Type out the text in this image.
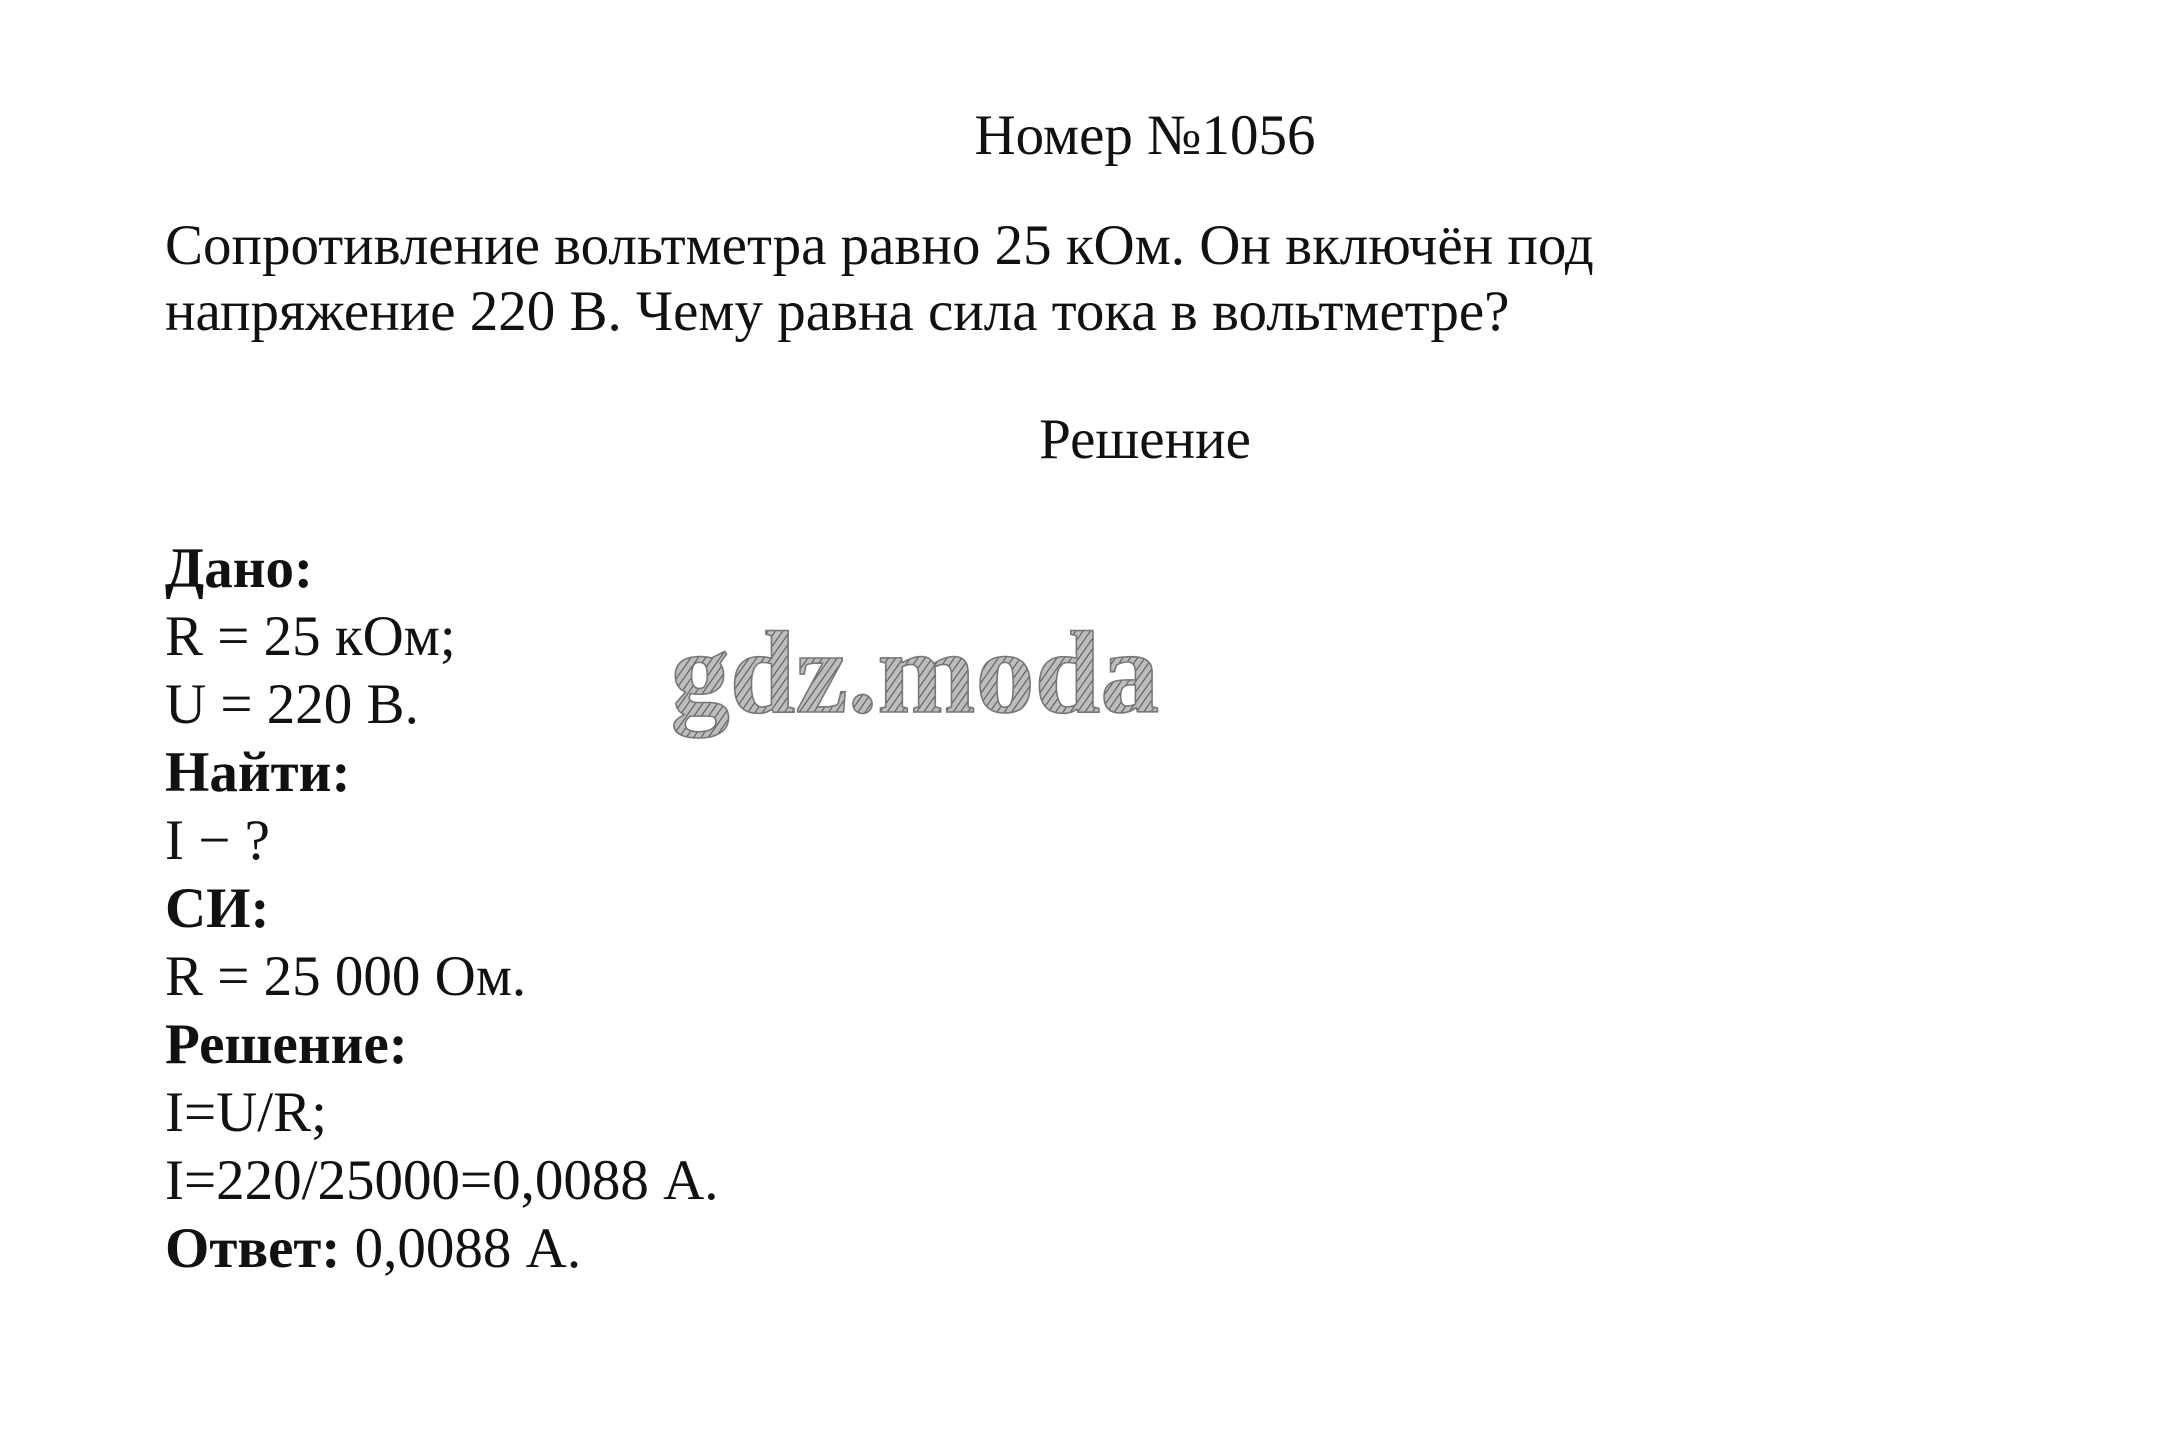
Номер №1056
Сопротивление вольтметра равно 25 кОм. Он включён под
напряжение 220 В. Чему равна сила тока в вольтметре?
Решение
Дано:
R = 25 кОм;
U = 220 В.
Найти:
I − ?
СИ:
R = 25 000 Ом.
Решение:
I=U/R;
I=220/25000=0,0088 А.
Ответ: 0,0088 А.
gdz.moda
